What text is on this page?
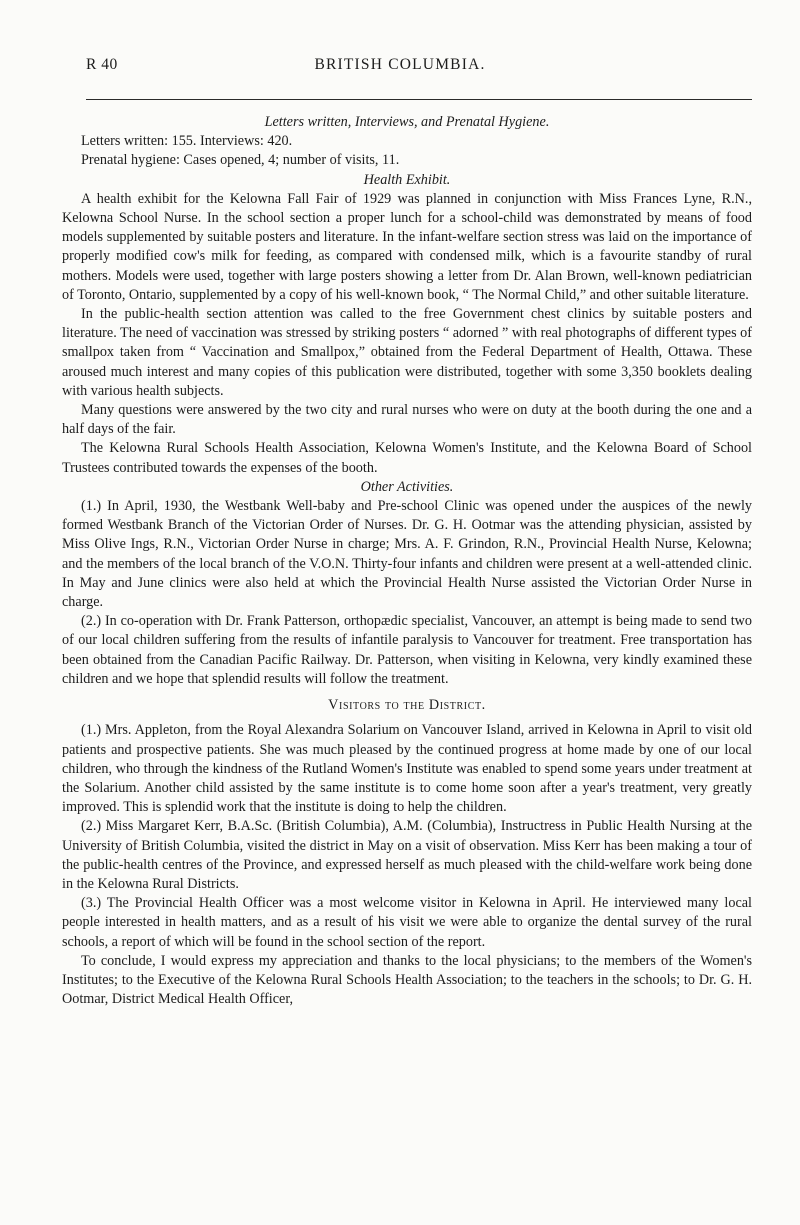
R 40	BRITISH COLUMBIA.

Letters written, Interviews, and Prenatal Hygiene.

Letters written: 155. Interviews: 420.

Prenatal hygiene: Cases opened, 4; number of visits, 11.

Health Exhibit.

A health exhibit for the Kelowna Fall Fair of 1929 was planned in conjunction with Miss Frances Lyne, R.N., Kelowna School Nurse. In the school section a proper lunch for a school-child was demonstrated by means of food models supplemented by suitable posters and literature. In the infant-welfare section stress was laid on the importance of properly modified cow's milk for feeding, as compared with condensed milk, which is a favourite standby of rural mothers. Models were used, together with large posters showing a letter from Dr. Alan Brown, well-known pediatrician of Toronto, Ontario, supplemented by a copy of his well-known book, “ The Normal Child,” and other suitable literature.

In the public-health section attention was called to the free Government chest clinics by suitable posters and literature. The need of vaccination was stressed by striking posters “ adorned ” with real photographs of different types of smallpox taken from “ Vaccination and Smallpox,” obtained from the Federal Department of Health, Ottawa. These aroused much interest and many copies of this publication were distributed, together with some 3,350 booklets dealing with various health subjects.

Many questions were answered by the two city and rural nurses who were on duty at the booth during the one and a half days of the fair.

The Kelowna Rural Schools Health Association, Kelowna Women's Institute, and the Kelowna Board of School Trustees contributed towards the expenses of the booth.

Other Activities.

(1.) In April, 1930, the Westbank Well-baby and Pre-school Clinic was opened under the auspices of the newly formed Westbank Branch of the Victorian Order of Nurses. Dr. G. H. Ootmar was the attending physician, assisted by Miss Olive Ings, R.N., Victorian Order Nurse in charge; Mrs. A. F. Grindon, R.N., Provincial Health Nurse, Kelowna; and the members of the local branch of the V.O.N. Thirty-four infants and children were present at a well-attended clinic. In May and June clinics were also held at which the Provincial Health Nurse assisted the Victorian Order Nurse in charge.

(2.) In co-operation with Dr. Frank Patterson, orthopædic specialist, Vancouver, an attempt is being made to send two of our local children suffering from the results of infantile paralysis to Vancouver for treatment. Free transportation has been obtained from the Canadian Pacific Railway. Dr. Patterson, when visiting in Kelowna, very kindly examined these children and we hope that splendid results will follow the treatment.

Visitors to the District.

(1.) Mrs. Appleton, from the Royal Alexandra Solarium on Vancouver Island, arrived in Kelowna in April to visit old patients and prospective patients. She was much pleased by the continued progress at home made by one of our local children, who through the kindness of the Rutland Women's Institute was enabled to spend some years under treatment at the Solarium. Another child assisted by the same institute is to come home soon after a year's treatment, very greatly improved. This is splendid work that the institute is doing to help the children.

(2.) Miss Margaret Kerr, B.A.Sc. (British Columbia), A.M. (Columbia), Instructress in Public Health Nursing at the University of British Columbia, visited the district in May on a visit of observation. Miss Kerr has been making a tour of the public-health centres of the Province, and expressed herself as much pleased with the child-welfare work being done in the Kelowna Rural Districts.

(3.) The Provincial Health Officer was a most welcome visitor in Kelowna in April. He interviewed many local people interested in health matters, and as a result of his visit we were able to organize the dental survey of the rural schools, a report of which will be found in the school section of the report.

To conclude, I would express my appreciation and thanks to the local physicians; to the members of the Women's Institutes; to the Executive of the Kelowna Rural Schools Health Association; to the teachers in the schools; to Dr. G. H. Ootmar, District Medical Health Officer,
